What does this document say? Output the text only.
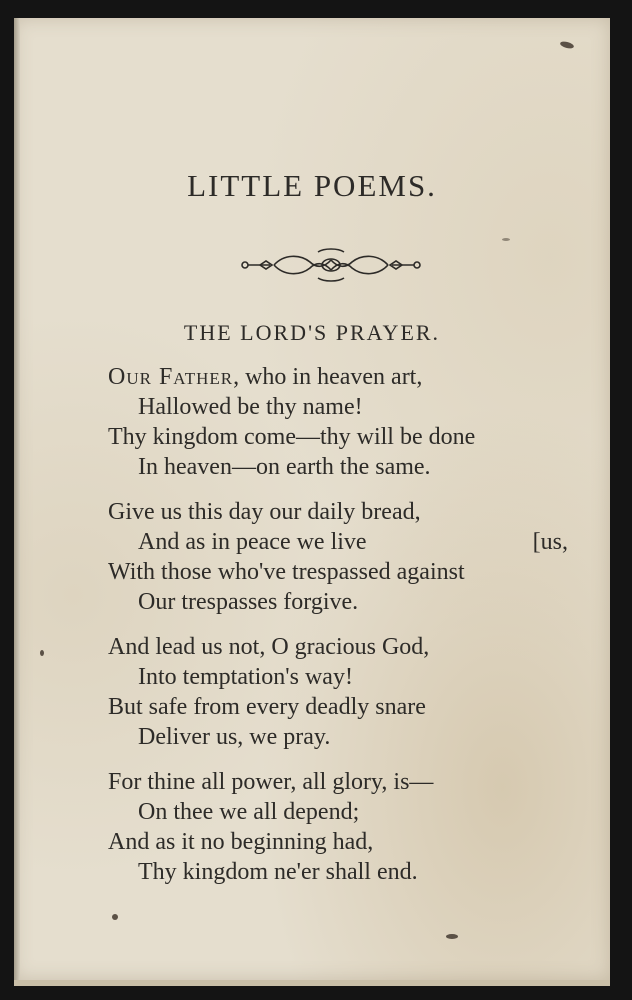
LITTLE POEMS.
THE LORD'S PRAYER.
Our Father, who in heaven art,
Hallowed be thy name!
Thy kingdom come—thy will be done
In heaven—on earth the same.
Give us this day our daily bread,
And as in peace we live	[us,
With those who've trespassed against
Our trespasses forgive.
And lead us not, O gracious God,
Into temptation's way!
But safe from every deadly snare
Deliver us, we pray.
For thine all power, all glory, is—
On thee we all depend;
And as it no beginning had,
Thy kingdom ne'er shall end.
